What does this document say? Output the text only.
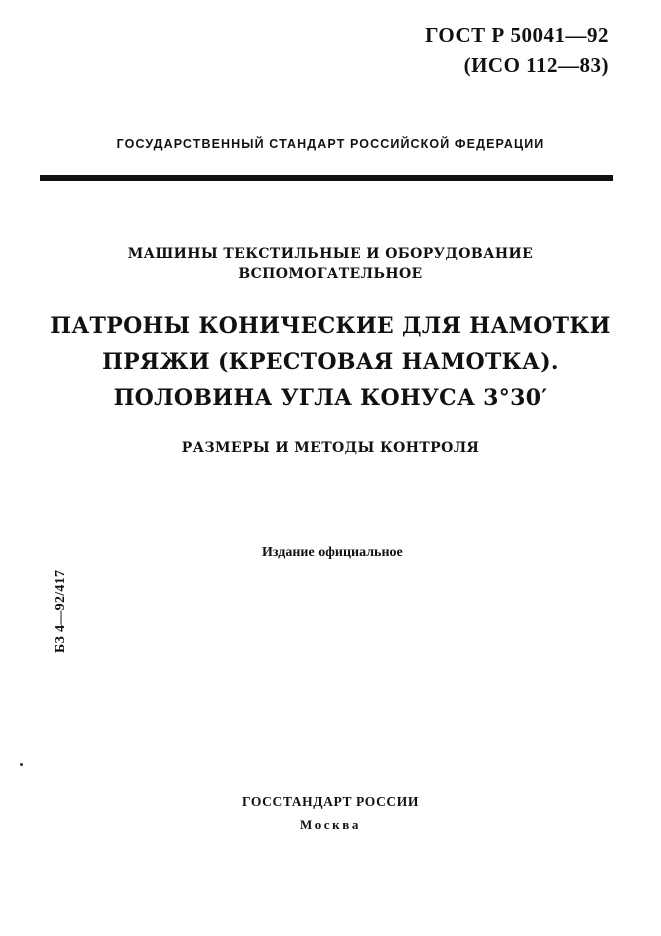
ГОСТ Р 50041—92
(ИСО 112—83)
ГОСУДАРСТВЕННЫЙ СТАНДАРТ РОССИЙСКОЙ ФЕДЕРАЦИИ
МАШИНЫ ТЕКСТИЛЬНЫЕ И ОБОРУДОВАНИЕ
ВСПОМОГАТЕЛЬНОЕ
ПАТРОНЫ КОНИЧЕСКИЕ ДЛЯ НАМОТКИ
ПРЯЖИ (КРЕСТОВАЯ НАМОТКА).
ПОЛОВИНА УГЛА КОНУСА 3°30′
РАЗМЕРЫ И МЕТОДЫ КОНТРОЛЯ
Издание официальное
БЗ 4—92/417
ГОССТАНДАРТ РОССИИ
Москва
